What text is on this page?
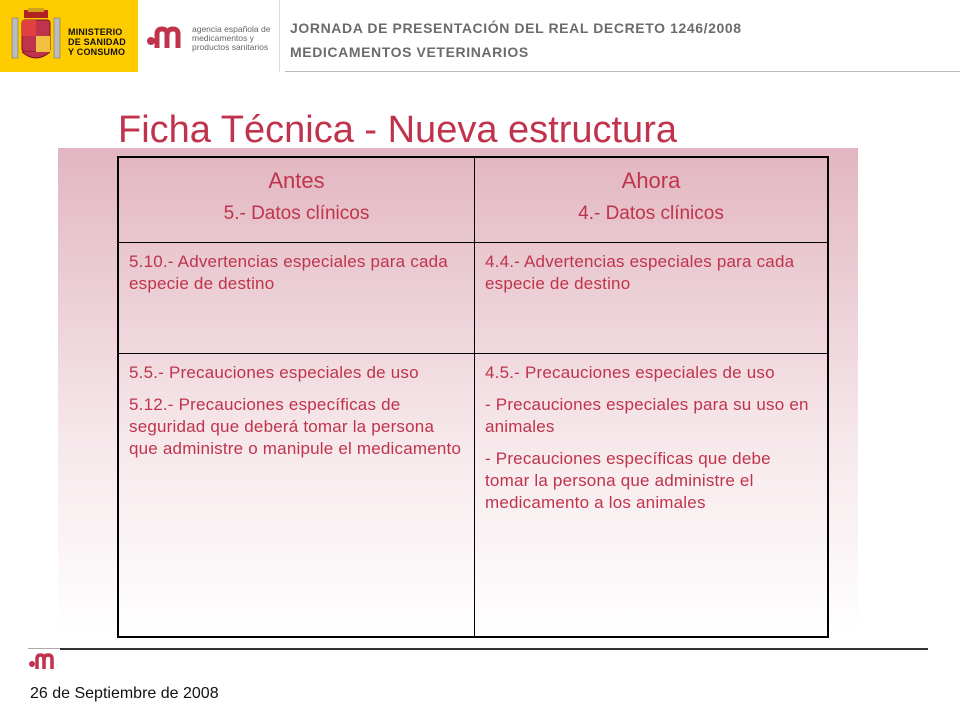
MINISTERIO
DE SANIDAD
Y CONSUMO
agencia española de
medicamentos y
productos sanitarios
JORNADA DE PRESENTACIÓN DEL REAL DECRETO 1246/2008
MEDICAMENTOS VETERINARIOS
Ficha Técnica - Nueva estructura
Antes
5.- Datos clínicos
Ahora
4.- Datos clínicos

5.10.- Advertencias especiales para cada especie de destino

4.4.- Advertencias especiales para cada especie de destino

5.5.- Precauciones especiales de uso

5.12.- Precauciones específicas de seguridad que deberá tomar la persona que administre o manipule el medicamento

4.5.- Precauciones especiales de uso

- Precauciones especiales para su uso en animales

- Precauciones específicas que debe tomar la persona que administre el medicamento a los animales

26 de Septiembre de 2008
